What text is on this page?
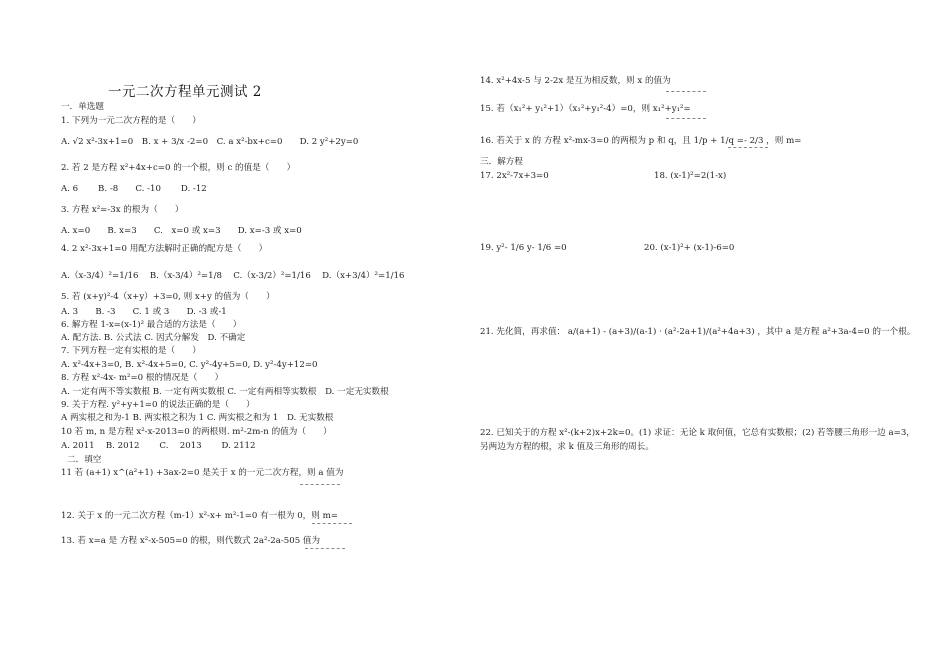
一元二次方程单元测试 2
一．单选题
1. 下列为一元二次方程的是（　　）
A. √2 x²-3x+1=0　B. x + 3/x -2=0　C. a x²-bx+c=0　　D. 2 y²+2y=0
2. 若 2 是方程 x²+4x+c=0 的一个根，则 c 的值是（　　）
A. 6　　 B. -8　　C. -10　　 D. -12
3. 方程 x²=-3x 的根为（　　）
A. x=0　　B. x=3　　C.　x=0 或 x=3　　D. x=-3 或 x=0
4. 2 x²-3x+1=0 用配方法解时正确的配方是（　　）
A.（x-3/4）²=1/16　 B.（x-3/4）²=1/8　 C.（x-3/2）²=1/16　 D.（x+3/4）²=1/16
5. 若 (x+y)²-4（x+y）+3=0, 则 x+y 的值为（　　）
A. 3　　B. -3　　C. 1 或 3　　D. -3 或-1
6. 解方程 1-x=(x-1)² 最合适的方法是（　　）
A. 配方法. B. 公式法 C. 因式分解发　D. 不确定
7. 下列方程一定有实根的是（　　）
A. x²-4x+3=0, B. x²-4x+5=0, C. y²-4y+5=0, D. y²-4y+12=0
8. 方程 x²-4x- m²=0 根的情况是（　　）
A. 一定有两不等实数根 B. 一定有两实数根 C. 一定有两相等实数根　D. 一定无实数根
9. 关于方程. y²+y+1=0 的说法正确的是（　　）
A 两实根之和为-1 B. 两实根之积为 1 C. 两实根之和为 1　D. 无实数根
10 若 m, n 是方程 x²-x-2013=0 的两根则. m²-2m-n 的值为（　　）
A. 2011　 B. 2012　　 C.　 2013　　 D. 2112
二．填空
11 若 (a+1) x^(a²+1) +3ax-2=0 是关于 x 的一元二次方程，则 a 值为
12. 关于 x 的一元二次方程（m-1）x²-x+ m²-1=0 有一根为 0，则 m=
13. 若 x=a 是 方程 x²-x-505=0 的根，则代数式 2a²-2a-505 值为
14. x²+4x-5 与 2-2x 是互为相反数，则 x 的值为
15. 若（x₁²+ y₁²+1）（x₁²+y₁²-4）=0，则 x₁²+y₁²=
16. 若关于 x 的 方程 x²-mx-3=0 的两根为 p 和 q，且 1/p + 1/q =- 2/3 ，则 m=
三．解方程
17. 2x²-7x+3=0	18. (x-1)²=2(1-x)
19. y²- 1/6 y- 1/6 =0	20. (x-1)²+ (x-1)-6=0
21. 先化简，再求值： a/(a+1) - (a+3)/(a-1) · (a²-2a+1)/(a²+4a+3) ，其中 a 是方程 a²+3a-4=0 的一个根。
22. 已知关于的方程 x²-(k+2)x+2k=0。(1) 求证：无论 k 取何值，它总有实数根；(2) 若等腰三角形一边 a=3，
另两边为方程的根，求 k 值及三角形的周长。
